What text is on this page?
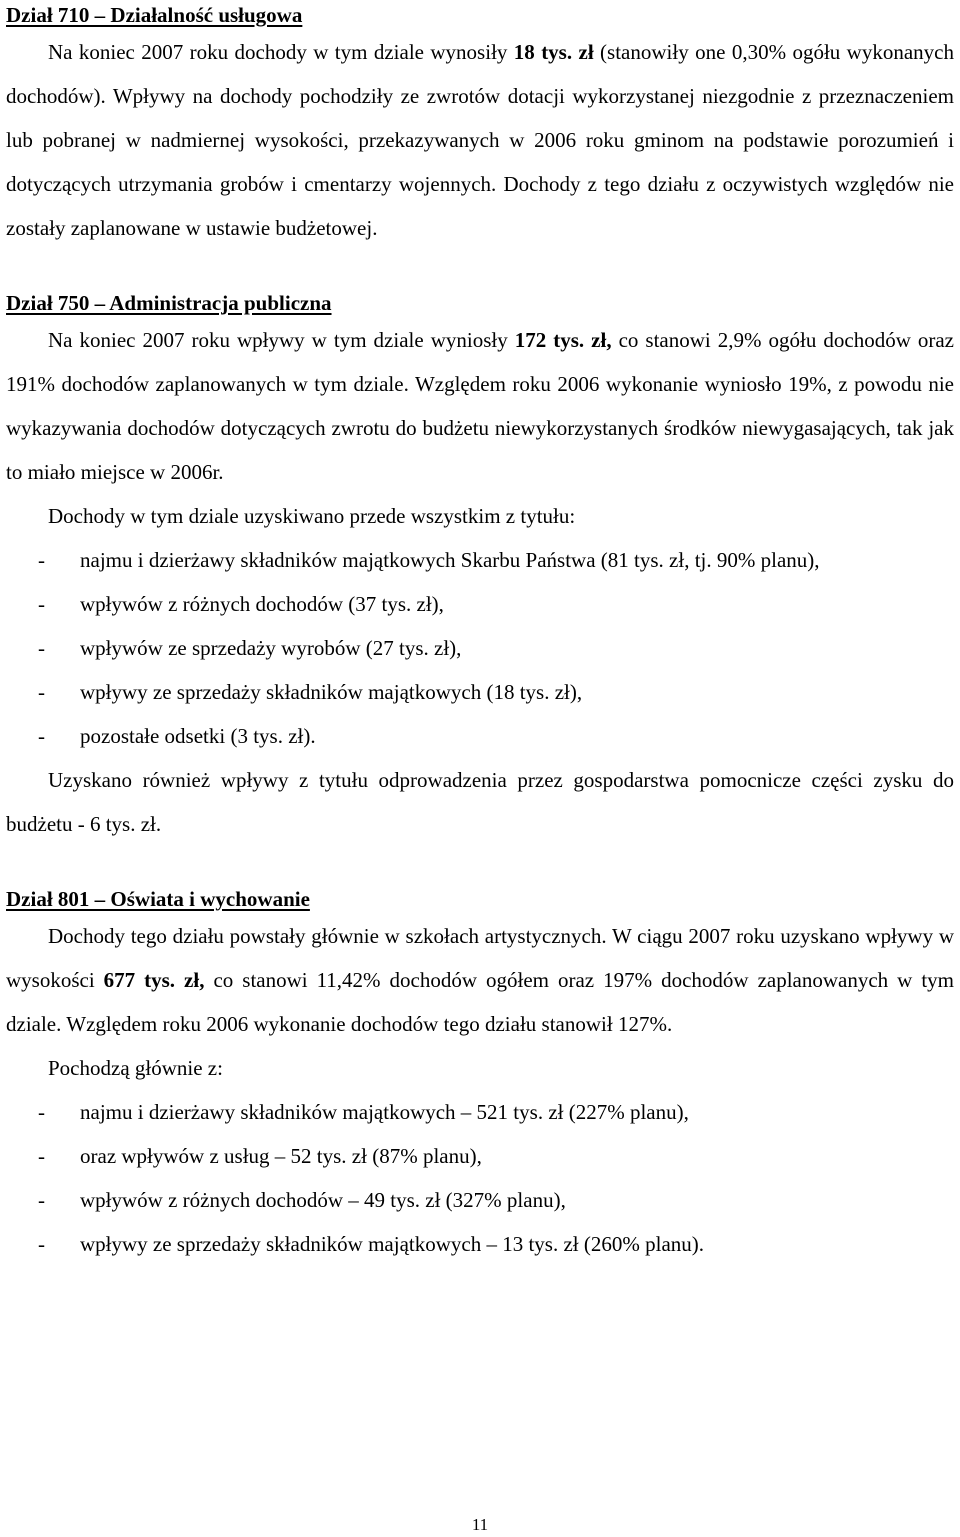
Dział 710 – Działalność usługowa

Na koniec 2007 roku dochody w tym dziale wynosiły 18 tys. zł (stanowiły one 0,30% ogółu wykonanych dochodów). Wpływy na dochody pochodziły ze zwrotów dotacji wykorzystanej niezgodnie z przeznaczeniem lub pobranej w nadmiernej wysokości, przekazywanych w 2006 roku gminom na podstawie porozumień i dotyczących utrzymania grobów i cmentarzy wojennych. Dochody z tego działu z oczywistych względów nie zostały zaplanowane w ustawie budżetowej.

Dział 750 – Administracja publiczna

Na koniec 2007 roku wpływy w tym dziale wyniosły 172 tys. zł, co stanowi 2,9% ogółu dochodów oraz 191% dochodów zaplanowanych w tym dziale. Względem roku 2006 wykonanie wyniosło 19%, z powodu nie wykazywania dochodów dotyczących zwrotu do budżetu niewykorzystanych środków niewygasających, tak jak to miało miejsce w 2006r.

Dochody w tym dziale uzyskiwano przede wszystkim z tytułu:

- najmu i dzierżawy składników majątkowych Skarbu Państwa (81 tys. zł, tj. 90% planu),
- wpływów z różnych dochodów (37 tys. zł),
- wpływów ze sprzedaży wyrobów (27 tys. zł),
- wpływy ze sprzedaży składników majątkowych (18 tys. zł),
- pozostałe odsetki (3 tys. zł).

Uzyskano również wpływy z tytułu odprowadzenia przez gospodarstwa pomocnicze części zysku do budżetu - 6 tys. zł.

Dział 801 – Oświata i wychowanie

Dochody tego działu powstały głównie w szkołach artystycznych. W ciągu 2007 roku uzyskano wpływy w wysokości 677 tys. zł, co stanowi 11,42% dochodów ogółem oraz 197% dochodów zaplanowanych w tym dziale. Względem roku 2006 wykonanie dochodów tego działu stanowił 127%.

Pochodzą głównie z:

- najmu i dzierżawy składników majątkowych – 521 tys. zł (227% planu),
- oraz wpływów z usług – 52 tys. zł (87% planu),
- wpływów z różnych dochodów – 49 tys. zł (327% planu),
- wpływy ze sprzedaży składników majątkowych – 13 tys. zł (260% planu).
11
